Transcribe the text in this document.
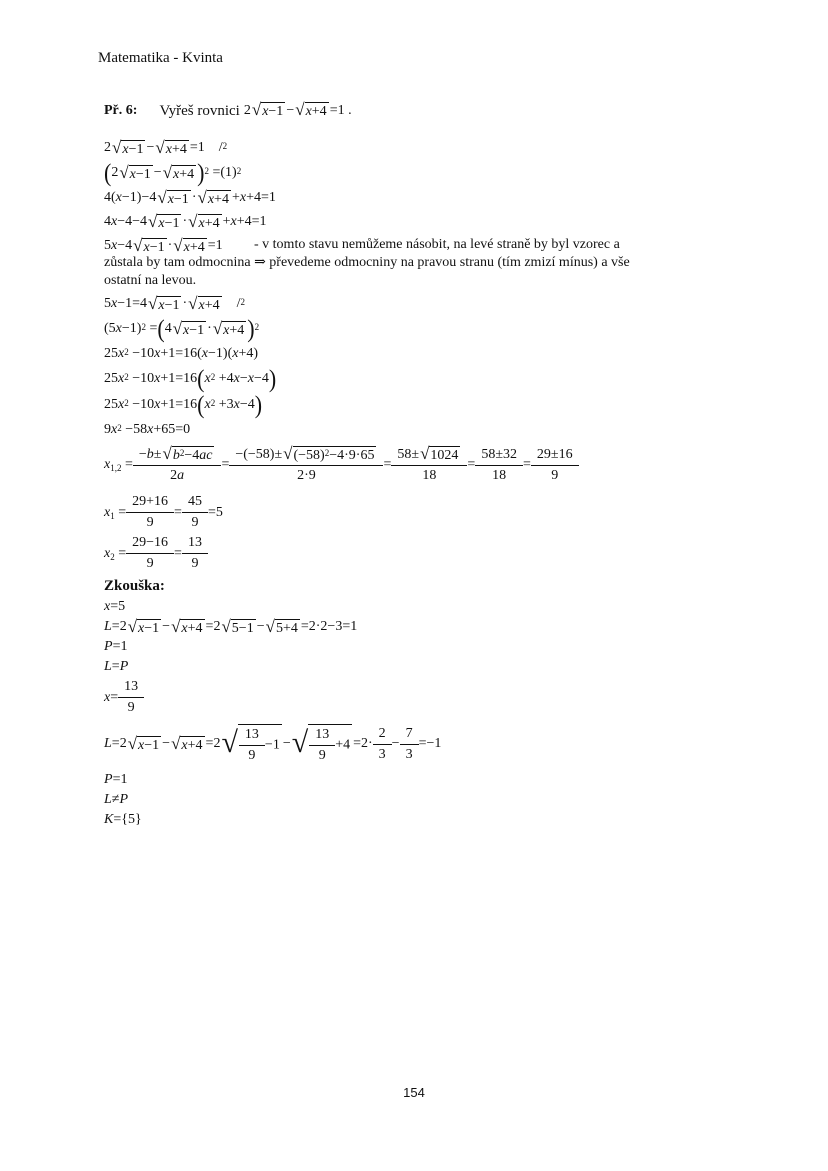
Matematika - Kvinta
Př. 6: Vyřeš rovnici 2 √ x−1 − √ x+4 =1 .
2 √ x−1 − √ x+4 =1
/$^2$
( 2 √ x−1 − √ x+4 )$^2 =(1)^2$
4( x −1)−4 √ x−1 · √ x+4 + x +4=1
4 x −4−4 √ x−1 · √ x+4 + x +4=1
5 x −4 √ x−1 · √ x+4 =1	- v tomto stavu nemůžeme násobit, na levé straně by byl vzorec a zůstala by tam odmocnina ⇒ převedeme odmocniny na pravou stranu (tím zmizí mínus) a vše ostatní na levou.
5 x −1=4 √ x−1 · √ x+4 /$^2$
(5 x −1)$^2$ = ( 4 √ x−1 · √ x+4 )$^2$
25 $x^2 -10$ x +1=16( x −1)( x +4)
25 $x^2 -10$ x +1=16 ( $x^2 +4$ x − x −4 )
25 $x^2 -10$ x +1=16 ( $x^2 +3$ x −4 )
9 $x^2 -58$ x +65=0
$x_{1,2}$ =
−b± √ $b^2-4ac$
2a
=
−(−58)± √ $(-58)^2-4\cdot 9\cdot 65$
2·9
=
58± √ 1024
18
=
58±32
18
=
29±16
9
$x_1$ =
29+16
9
=
45
9
=5
$x_2$ =
29−16
9
=
13
9
Zkouška:
x =5
L =2 √ x−1 − √ x+4 =2 √ 5−1 − √ 5+4 =2·2−3=1
P =1
L = P
x =
13
9
L =2 √ x−1 − √ x+4 =2 √ $\frac{13}{9} -1$ − √ $\frac{13}{9} +4 =2\cdot$
2
3
−
7
3
=−1
P =1
L ≠ P
K ={5}
154
